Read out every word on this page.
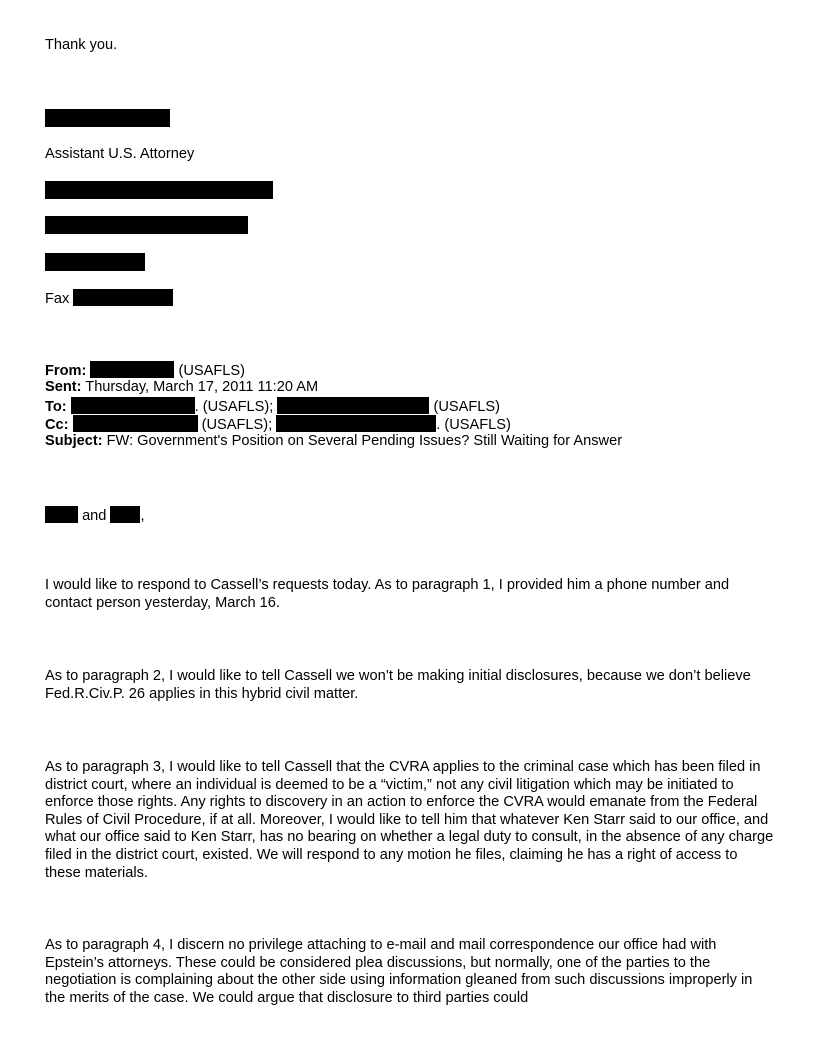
Thank you.
Assistant U.S. Attorney
Fax
From:	(USAFLS)
Sent: Thursday, March 17, 2011 11:20 AM
To:	. (USAFLS);	(USAFLS)
Cc:	(USAFLS);	. (USAFLS)
Subject: FW: Government's Position on Several Pending Issues? Still Waiting for Answer
and ,
I would like to respond to Cassell’s requests today. As to paragraph 1, I provided him a phone number and contact person yesterday, March 16.
As to paragraph 2, I would like to tell Cassell we won’t be making initial disclosures, because we don’t believe Fed.R.Civ.P. 26 applies in this hybrid civil matter.
As to paragraph 3, I would like to tell Cassell that the CVRA applies to the criminal case which has been filed in district court, where an individual is deemed to be a “victim,” not any civil litigation which may be initiated to enforce those rights. Any rights to discovery in an action to enforce the CVRA would emanate from the Federal Rules of Civil Procedure, if at all. Moreover, I would like to tell him that whatever Ken Starr said to our office, and what our office said to Ken Starr, has no bearing on whether a legal duty to consult, in the absence of any charge filed in the district court, existed. We will respond to any motion he files, claiming he has a right of access to these materials.
As to paragraph 4, I discern no privilege attaching to e-mail and mail correspondence our office had with Epstein’s attorneys. These could be considered plea discussions, but normally, one of the parties to the negotiation is complaining about the other side using information gleaned from such discussions improperly in the merits of the case. We could argue that disclosure to third parties could
